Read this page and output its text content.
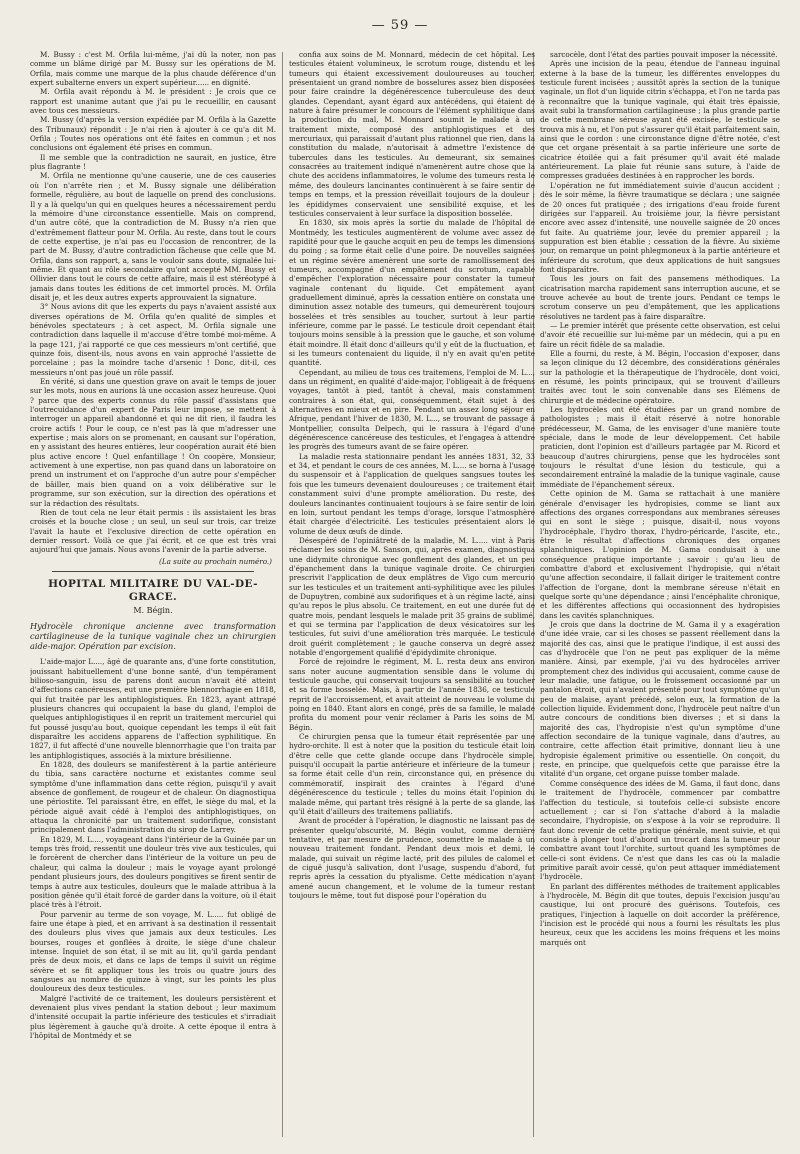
— 59 —

M. Bussy : c'est M. Orfila lui-même, j'ai dû la noter, non pas comme un blâme dirigé par M. Bussy sur les opérations de M. Orfila, mais comme une marque de la plus chaude déférence d'un expert subalterne envers un expert supérieur...... en dignité.

M. Orfila avait répondu à M. le président : Je crois que ce rapport est unanime autant que j'ai pu le recueillir, en causant avec tous ces messieurs.

M. Bussy (d'après la version expédiée par M. Orfila à la Gazette des Tribunaux) répondit : Je n'ai rien à ajouter à ce qu'a dit M. Orfila ; Toutes nos opérations ont été faites en commun ; et nos conclusions ont également été prises en commun.

Il me semble que la contradiction ne saurait, en justice, être plus flagrante !

M. Orfila ne mentionne qu'une causerie, une de ces causeries où l'on n'arrête rien ; et M. Bussy signale une délibération formelle, régulière, au bout de laquelle on prend des conclusions. Il y a là quelqu'un qui en quelques heures a nécessairement perdu la mémoire d'une circonstance essentielle. Mais on comprend, d'un autre côté, que la contradiction de M. Bussy n'a rien que d'extrêmement flatteur pour M. Orfila. Au reste, dans tout le cours de cette expertise, je n'ai pas eu l'occasion de rencontrer, de la part de M. Bussy, d'autre contradiction fâcheuse que celle que M. Orfila, dans son rapport, a, sans le vouloir sans doute, signalée lui-même. Et quant au rôle secondaire qu'ont accepté MM. Bussy et Ollivier dans tout le cours de cette affaire, mais il est stéréotypé à jamais dans toutes les éditions de cet immortel procès. M. Orfila disait je, et les deux autres experts approuvaient la signature.

3° Nous avions dit que les experts du pays n'avaient assisté aux diverses opérations de M. Orfila qu'en qualité de simples et bénévoles spectateurs ; à cet aspect, M. Orfila signale une contradiction dans laquelle il m'accuse d'être tombé moi-même. A la page 121, j'ai rapporté ce que ces messieurs m'ont certifié, que quinze fois, disent-ils, nous avons en vain approché l'assiette de porcelaine ; pas la moindre tache d'arsenic ! Donc, dit-il, ces messieurs n'ont pas joué un rôle passif.

En vérité, si dans une question grave on avait le temps de jouer sur les mots, nous en aurions là une occasion assez heureuse. Quoi ? parce que des experts connus du rôle passif d'assistans que l'outrecuidance d'un expert de Paris leur impose, se mettent à interroger un appareil abandonné et qui ne dit rien, il faudra les croire actifs ! Pour le coup, ce n'est pas là que m'adresser une expertise ; mais alors on se promenant, en causant sur l'opération, en y assistant des heures entières, leur coopération aurait été bien plus active encore ! Quel enfantillage ! On coopère, Monsieur, activement à une expertise, non pas quand dans un laboratoire on prend un instrument et on l'approche d'un autre pour s'empêcher de bâiller, mais bien quand on a voix délibérative sur le programme, sur son exécution, sur la direction des opérations et sur la rédaction des résultats.

Rien de tout cela ne leur était permis : ils assistaient les bras croisés et la bouche close ; un seul, un seul sur trois, car treize l'avait la haute et l'exclusive direction de cette opération en dernier ressort. Voilà ce que j'ai écrit, et ce que est très vrai aujourd'hui que jamais. Nous avons l'avenir de la partie adverse.

(La suite au prochain numéro.)

HOPITAL MILITAIRE DU VAL-DE-GRACE.
M. Bégin.
Hydrocèle chronique ancienne avec transformation cartilagineuse de la tunique vaginale chez un chirurgien aide-major. Opération par excision.

L'aide-major L...., âgé de quarante ans, d'une forte constitution, jouissant habituellement d'une bonne santé, d'un tempérament bilioso-sanguin, issu de parens dont aucun n'avait été atteint d'affections cancéreuses, eut une première blennorrhagie en 1818, qui fut traitée par les antiphlogistiques. En 1823, ayant attrapé plusieurs chancres qui occupaient la base du gland, l'emploi de quelques antiphlogistiques il en reprit un traitement mercuriel qui fut poussé jusqu'au bout, quoique cependant les temps il eût fait disparaître les accidens apparens de l'affection syphilitique. En 1827, il fut affecté d'une nouvelle blennorrhagie que l'on traita par les antiphlogistiques, associés à la mixture brésilienne.

En 1828, des douleurs se manifestèrent à la partie antérieure du tibia, sans caractère nocturne et existantes comme seul symptôme d'une inflammation dans cette région, puisqu'il y avait absence de gonflement, de rougeur et de chaleur. On diagnostiqua une périostite. Tel paraissant être, en effet, le siège du mal, et la période aiguë avait cédé à l'emploi des antiphlogistiques, on attaqua la chronicité par un traitement sudorifique, consistant principalement dans l'administration du sirop de Larrey.

En 1829, M. L...., voyageant dans l'intérieur de la Guinée par un temps très froid, ressentit une douleur très vive aux testicules, qui le forcèrent de chercher dans l'intérieur de la voiture un peu de chaleur, qui calma la douleur ; mais le voyage ayant prolongé pendant plusieurs jours, des douleurs pongitives se firent sentir de temps à autre aux testicules, douleurs que le malade attribua à la position gênée qu'il était forcé de garder dans la voiture, où il était placé très à l'étroit.

Pour parvenir au terme de son voyage, M. L..... fut obligé de faire une étape à pied, et en arrivant à sa destination il ressentait des douleurs plus vives que jamais aux deux testicules. Les bourses, rouges et gonflées à droite, le siège d'une chaleur intense. Inquiet de son état, il se mit au lit, qu'il garda pendant près de deux mois, et dans ce laps de temps il suivit un régime sévère et se fit appliquer tous les trois ou quatre jours des sangsues au nombre de quinze à vingt, sur les points les plus douloureux des deux testicules.

Malgré l'activité de ce traitement, les douleurs persistèrent et devenaient plus vives pendant la station debout ; leur maximum d'intensité occupait la partie inférieure des testicules et s'irradiait plus légèrement à gauche qu'à droite. A cette époque il entra à l'hôpital de Montmédy et se

confia aux soins de M. Monnard, médecin de cet hôpital. Les testicules étaient volumineux, le scrotum rouge, distendu et les tumeurs qui étaient excessivement douloureuses au toucher, présentaient un grand nombre de bosselures assez bien disposées pour faire craindre la dégénérescence tuberculeuse des deux glandes. Cependant, ayant égard aux antécédens, qui étaient de nature à faire présumer le concours de l'élément syphilitique dans la production du mal, M. Monnard soumit le malade à un traitement mixte, composé des antiphlogistiques et des mercuriaux, qui paraissait d'autant plus rationnel que rien, dans la constitution du malade, n'autorisait à admettre l'existence de tubercules dans les testicules. Au demeurant, six semaines consacrées au traitement indiqué n'amenèrent autre chose que la chute des accidens inflammatoires, le volume des tumeurs resta le même, des douleurs lancinantes continuèrent à se faire sentir de temps en temps, et la pression réveillait toujours de la douleur ; les épididymes conservaient une sensibilité exquise, et les testicules conservaient à leur surface la disposition bosselée.

En 1830, six mois après la sortie du malade de l'hôpital de Montmédy, les testicules augmentèrent de volume avec assez de rapidité pour que le gauche acquit en peu de temps les dimensions du poing ; sa forme était celle d'une poire. De nouvelles saignées et un régime sévère amenèrent une sorte de ramollissement des tumeurs, accompagné d'un empâtement du scrotum, capable d'empêcher l'exploration nécessaire pour constater la tumeur vaginale contenant du liquide. Cet empâtement ayant graduellement diminué, après la cessation entière on constata une diminution assez notable des tumeurs, qui demeurèrent toujours bosselées et très sensibles au toucher, surtout à leur partie inférieure, comme par le passé. Le testicule droit cependant était toujours moins sensible à la pression que le gauche, et son volume était moindre. Il était donc d'ailleurs qu'il y eût de la fluctuation, et si les tumeurs contenaient du liquide, il n'y en avait qu'en petite quantité.

Cependant, au milieu de tous ces traitemens, l'emploi de M. L..., dans un régiment, en qualité d'aide-major, l'obligeait à de fréquens voyages, tantôt à pied, tantôt à cheval, mais constamment contraires à son état, qui, conséquemment, était sujet à des alternatives en mieux et en pire. Pendant un assez long séjour en Afrique, pendant l'hiver de 1830, M. L..., se trouvant de passage à Montpellier, consulta Delpech, qui le rassura à l'égard d'une dégénérescence cancéreuse des testicules, et l'engagea à attendre les progrès des tumeurs avant de se faire opérer.

La maladie resta stationnaire pendant les années 1831, 32, 33 et 34, et pendant le cours de ces années, M. L.... se borna à l'usage du suspensoir et à l'application de quelques sangsues toutes les fois que les tumeurs devenaient douloureuses ; ce traitement était constamment suivi d'une prompte amélioration. Du reste, des douleurs lancinantes continuaient toujours à se faire sentir de loin en loin, surtout pendant les temps d'orage, lorsque l'atmosphère était chargée d'électricité. Les testicules présentaient alors le volume de deux œufs de dinde.

Désespéré de l'opiniâtreté de la maladie, M. L..... vint à Paris réclamer les soins de M. Sanson, qui, après examen, diagnostiqua une didymite chronique avec gonflement des glandes, et un peu d'épanchement dans la tunique vaginale droite. Ce chirurgien prescrivit l'application de deux emplâtres de Vigo cum mercurio sur les testicules et un traitement anti-syphilitique avec les pilules de Dupuytren, combiné aux sudorifiques et à un régime lacté, ainsi qu'au repos le plus absolu. Ce traitement, en eut une durée fut de quatre mois, pendant lesquels le malade prit 35 grains de sublimé, et qui se termina par l'application de deux vésicatoires sur les testicules, fut suivi d'une amélioration très marquée. Le testicule droit guérit complètement ; le gauche conserva un degré assez notable d'engorgement qualifié d'épidydimite chronique.

Forcé de rejoindre le régiment, M. L. resta deux ans environ sans noter aucune augmentation sensible dans le volume du testicule gauche, qui conservait toujours sa sensibilité au toucher et sa forme bosselée. Mais, à partir de l'année 1836, ce testicule reprit de l'accroissement, et avait atteint de nouveau le volume du poing en 1840. Etant alors en congé, près de sa famille, le malade profita du moment pour venir réclamer à Paris les soins de M. Bégin.

Ce chirurgien pensa que la tumeur était représentée par une hydro-orchite. Il est à noter que la position du testicule était loin d'être celle que cette glande occupe dans l'hydrocèle simple, puisqu'il occupait la partie antérieure et inférieure de la tumeur ; sa forme était celle d'un rein, circonstance qui, en présence du commémoratif, inspirait des craintes à l'égard d'une dégénérescence du testicule ; telles du moins était l'opinion du malade même, qui partant très résigné à la perte de sa glande, las qu'il était d'ailleurs des traitemens palliatifs.

Avant de procéder à l'opération, le diagnostic ne laissant pas de présenter quelqu'obscurité, M. Bégin voulut, comme dernière tentative, et par mesure de prudence, soumettre le malade à un nouveau traitement fondant. Pendant deux mois et demi, le malade, qui suivait un régime lacté, prit des pilules de calomel et de ciguë jusqu'à salivation, dont l'usage, suspendu d'abord, fut repris après la cessation du ptyalisme. Cette médication n'ayant amené aucun changement, et le volume de la tumeur restant toujours le même, tout fut disposé pour l'opération du

sarcocèle, dont l'état des parties pouvait imposer la nécessité.

Après une incision de la peau, étendue de l'anneau inguinal externe à la base de la tumeur, les différentes enveloppes du testicule furent incisées ; aussitôt après la section de la tunique vaginale, un flot d'un liquide citrin s'échappa, et l'on ne tarda pas à reconnaître que la tunique vaginale, qui était très épaissie, avait subi la transformation cartilagineuse ; la plus grande partie de cette membrane séreuse ayant été excisée, le testicule se trouva mis à nu, et l'on put s'assurer qu'il était parfaitement sain, ainsi que le cordon : une circonstance digne d'être notée, c'est que cet organe présentait à sa partie inférieure une sorte de cicatrice étoilée qui a fait présumer qu'il avait été malade antérieurement. La plaie fut réunie sans suture, à l'aide de compresses graduées destinées à en rapprocher les bords.

L'opération ne fut immédiatement suivie d'aucun accident ; dès le soir même, la fièvre traumatique se déclara ; une saignée de 20 onces fut pratiquée ; des irrigations d'eau froide furent dirigées sur l'appareil. Au troisième jour, la fièvre persistant encore avec assez d'intensité, une nouvelle saignée de 20 onces fut faite. Au quatrième jour, levée du premier appareil ; la suppuration est bien établie ; cessation de la fièvre. Au sixième jour, on remarque un point phlegmoneux à la partie antérieure et inférieure du scrotum, que deux applications de huit sangsues font disparaître.

Tous les jours on fait des pansemens méthodiques. La cicatrisation marcha rapidement sans interruption aucune, et se trouve achevée au bout de trente jours. Pendant ce temps le scrotum conserve un peu d'empâtement, que les applications résolutives ne tardent pas à faire disparaître.

— Le premier intérêt que présente cette observation, est celui d'avoir été recueillie sur lui-même par un médecin, qui a pu en faire un récit fidèle de sa maladie.

Elle a fourni, du reste, à M. Bégin, l'occasion d'exposer, dans sa leçon clinique du 12 décembre, des considérations générales sur la pathologie et la thérapeutique de l'hydrocèle, dont voici, en résumé, les points principaux, qui se trouvent d'ailleurs traités avec tout le soin convenable dans ses Elémens de chirurgie et de médecine opératoire.

Les hydrocèles ont été étudiées par un grand nombre de pathologistes ; mais il était réservé à notre honorable prédécesseur, M. Gama, de les envisager d'une manière toute spéciale, dans le mode de leur développement. Cet habile praticien, dont l'opinion est d'ailleurs partagée par M. Ricord et beaucoup d'autres chirurgiens, pense que les hydrocèles sont toujours le résultat d'une lésion du testicule, qui a secondairement entraîné la maladie de la tunique vaginale, cause immédiate de l'épanchement séreux.

Cette opinion de M. Gama se rattachait à une manière générale d'envisager les hydropisies, comme se liant aux affections des organes correspondans aux membranes séreuses qui en sont le siège ; puisque, disait-il, nous voyons l'hydrocéphale, l'hydro thorax, l'hydro-péricarde, l'ascite, etc., être le résultat d'affections chroniques des organes splanchniques. L'opinion de M. Gama conduisait à une conséquence pratique importante ; savoir : qu'au lieu de combattre d'abord et exclusivement l'hydropisie, qui n'était qu'une affection secondaire, il fallait diriger le traitement contre l'affection de l'organe, dont la membrane séreuse n'était en quelque sorte qu'une dépendance ; ainsi l'encéphalite chronique, et les différentes affections qui occasionnent des hydropisies dans les cavités splanchniques.

Je crois que dans la doctrine de M. Gama il y a exagération d'une idée vraie, car si les choses se passent réellement dans la majorité des cas, ainsi que le pratique l'indique, il est aussi des cas d'hydrocèle que l'on ne peut pas expliquer de la même manière. Ainsi, par exemple, j'ai vu des hydrocèles arriver promptement chez des individus qui accusaient, comme cause de leur maladie, une fatigue, ou le froissement occasionné par un pantalon étroit, qui n'avaient présenté pour tout symptôme qu'un peu de malaise, ayant précédé, selon eux, la formation de la collection liquide. Evidemment donc, l'hydrocèle peut naître d'un autre concours de conditions bien diverses ; et si dans la majorité des cas, l'hydropisie n'est qu'un symptôme d'une affection secondaire de la tunique vaginale, dans d'autres, au contraire, cette affection était primitive, donnant lieu à une hydropisie également primitive ou essentielle. On conçoit, du reste, en principe, que quelquefois cette que paraisse être la vitalité d'un organe, cet organe puisse tomber malade.

Comme conséquence des idées de M. Gama, il faut donc, dans le traitement de l'hydrocèle, commencer par combattre l'affection du testicule, si toutefois celle-ci subsiste encore actuellement ; car si l'on s'attache d'abord à la maladie secondaire, l'hydropisie, on s'expose à la voir se reproduire. Il faut donc revenir de cette pratique générale, ment suivie, et qui consiste à plonger tout d'abord un trocart dans la tumeur pour combattre avant tout l'orchite, surtout quand les symptômes de celle-ci sont évidens. Ce n'est que dans les cas où la maladie primitive paraît avoir cessé, qu'on peut attaquer immédiatement l'hydrocèle.

En parlant des différentes méthodes de traitement applicables à l'hydrocèle, M. Bégin dit que toutes, depuis l'excision jusqu'au caustique, lui ont procuré des guérisons. Toutefois, ces pratiques, l'injection à laquelle on doit accorder la préférence, l'incision est le procédé qui nous a fourni les résultats les plus heureux, ceux que les accidens les moins fréquens et les moins marqués ont
